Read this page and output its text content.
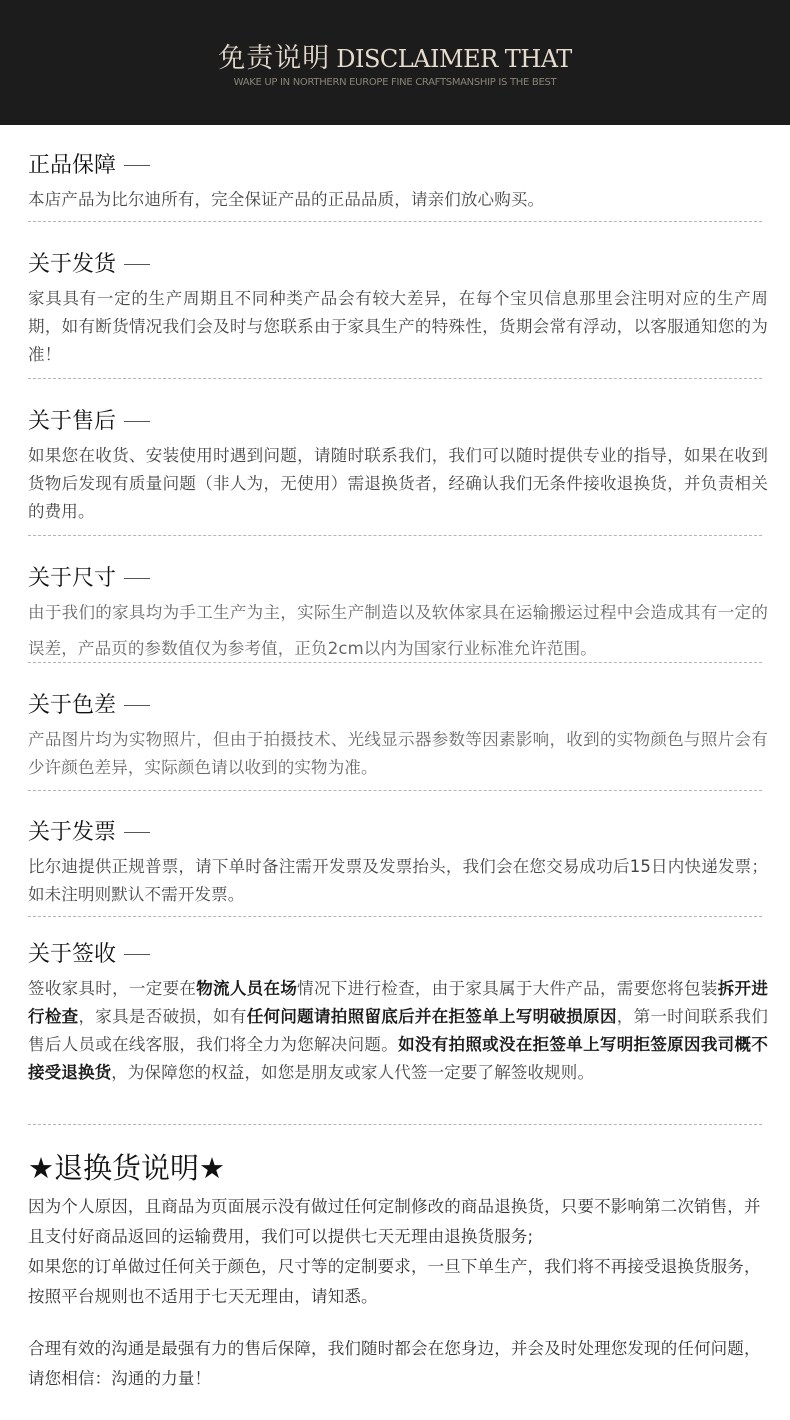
免责说明 DISCLAIMER THAT
WAKE UP IN NORTHERN EUROPE FINE CRAFTSMANSHIP IS THE BEST
正品保障
本店产品为比尔迪所有，完全保证产品的正品品质，请亲们放心购买。
关于发货
家具具有一定的生产周期且不同种类产品会有较大差异，在每个宝贝信息那里会注明对应的生产周期，如有断货情况我们会及时与您联系由于家具生产的特殊性，货期会常有浮动，以客服通知您的为准！
关于售后
如果您在收货、安装使用时遇到问题，请随时联系我们，我们可以随时提供专业的指导，如果在收到货物后发现有质量问题（非人为，无使用）需退换货者，经确认我们无条件接收退换货，并负责相关的费用。
关于尺寸
由于我们的家具均为手工生产为主，实际生产制造以及软体家具在运输搬运过程中会造成其有一定的误差，产品页的参数值仅为参考值，正负2cm以内为国家行业标准允许范围。
关于色差
产品图片均为实物照片，但由于拍摄技术、光线显示器参数等因素影响，收到的实物颜色与照片会有少许颜色差异，实际颜色请以收到的实物为准。
关于发票
比尔迪提供正规普票，请下单时备注需开发票及发票抬头，我们会在您交易成功后15日内快递发票；如未注明则默认不需开发票。
关于签收
签收家具时，一定要在物流人员在场情况下进行检查，由于家具属于大件产品，需要您将包装拆开进行检查，家具是否破损，如有任何问题请拍照留底后并在拒签单上写明破损原因，第一时间联系我们售后人员或在线客服，我们将全力为您解决问题。如没有拍照或没在拒签单上写明拒签原因我司概不接受退换货，为保障您的权益，如您是朋友或家人代签一定要了解签收规则。
★退换货说明★
因为个人原因，且商品为页面展示没有做过任何定制修改的商品退换货，只要不影响第二次销售，并且支付好商品返回的运输费用，我们可以提供七天无理由退换货服务;
如果您的订单做过任何关于颜色，尺寸等的定制要求，一旦下单生产，我们将不再接受退换货服务，按照平台规则也不适用于七天无理由，请知悉。
合理有效的沟通是最强有力的售后保障，我们随时都会在您身边，并会及时处理您发现的任何问题，请您相信：沟通的力量！
